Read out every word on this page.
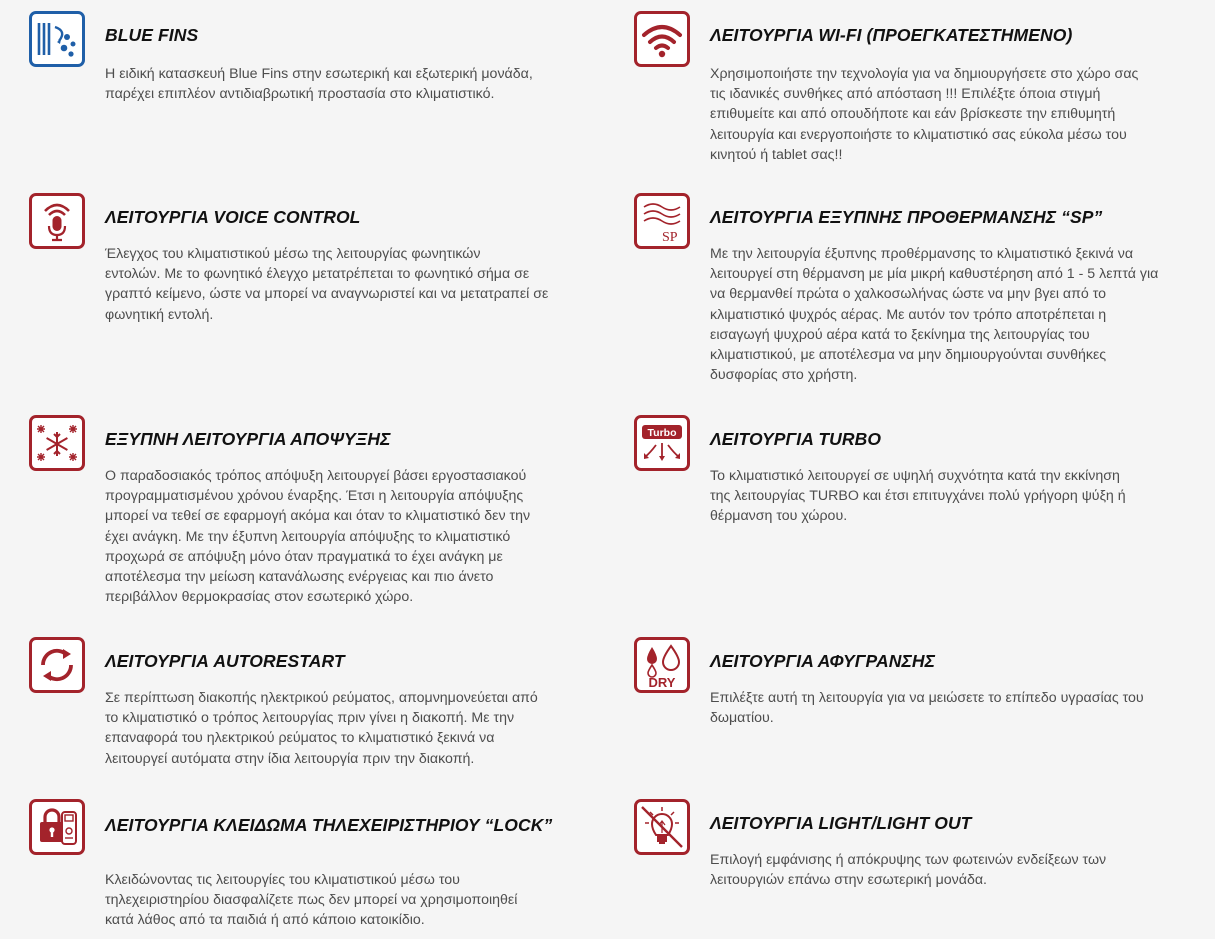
BLUE FINS
Η ειδική κατασκευή Blue Fins στην εσωτερική και εξωτερική μονάδα,
παρέχει επιπλέον αντιδιαβρωτική προστασία στο κλιματιστικό.
ΛΕΙΤΟΥΡΓΙΑ VOICE CONTROL
Έλεγχος του κλιματιστικού μέσω της λειτουργίας φωνητικών
εντολών. Με το φωνητικό έλεγχο μετατρέπεται το φωνητικό σήμα σε
γραπτό κείμενο, ώστε να μπορεί να αναγνωριστεί και να μετατραπεί σε
φωνητική εντολή.
ΕΞΥΠΝΗ ΛΕΙΤΟΥΡΓΙΑ ΑΠΟΨΥΞΗΣ
Ο παραδοσιακός τρόπος απόψυξη λειτουργεί βάσει εργοστασιακού
προγραμματισμένου χρόνου έναρξης. Έτσι η λειτουργία απόψυξης
μπορεί να τεθεί σε εφαρμογή ακόμα και όταν το κλιματιστικό δεν την
έχει ανάγκη. Με την έξυπνη λειτουργία απόψυξης το κλιματιστικό
προχωρά σε απόψυξη μόνο όταν πραγματικά το έχει ανάγκη με
αποτέλεσμα την μείωση κατανάλωσης ενέργειας και πιο άνετο
περιβάλλον θερμοκρασίας στον εσωτερικό χώρο.
ΛΕΙΤΟΥΡΓΙΑ AUTORESTART
Σε περίπτωση διακοπής ηλεκτρικού ρεύματος, απομνημονεύεται από
το κλιματιστικό ο τρόπος λειτουργίας πριν γίνει η διακοπή. Με την
επαναφορά του ηλεκτρικού ρεύματος το κλιματιστικό ξεκινά να
λειτουργεί αυτόματα στην ίδια λειτουργία πριν την διακοπή.
ΛΕΙΤΟΥΡΓΙΑ ΚΛΕΙΔΩΜΑ ΤΗΛΕΧΕΙΡΙΣΤΗΡΙΟΥ “LOCK”
Κλειδώνοντας τις λειτουργίες του κλιματιστικού μέσω του
τηλεχειριστηρίου διασφαλίζετε πως δεν μπορεί να χρησιμοποιηθεί
κατά λάθος από τα παιδιά ή από κάποιο κατοικίδιο.
ΛΕΙΤΟΥΡΓΙΑ WI-FI (ΠΡΟΕΓΚΑΤΕΣΤΗΜΕΝΟ)
Χρησιμοποιήστε την τεχνολογία για να δημιουργήσετε στο χώρο σας
τις ιδανικές συνθήκες από απόσταση !!! Επιλέξτε όποια στιγμή
επιθυμείτε και από οπουδήποτε και εάν βρίσκεστε την επιθυμητή
λειτουργία και ενεργοποιήστε το κλιματιστικό σας εύκολα μέσω του
κινητού ή tablet σας!!
SP
ΛΕΙΤΟΥΡΓΙΑ ΕΞΥΠΝΗΣ ΠΡΟΘΕΡΜΑΝΣΗΣ “SP”
Με την λειτουργία έξυπνης προθέρμανσης το κλιματιστικό ξεκινά να
λειτουργεί στη θέρμανση με μία μικρή καθυστέρηση από 1 - 5 λεπτά για
να θερμανθεί πρώτα ο χαλκοσωλήνας ώστε να μην βγει από το
κλιματιστικό ψυχρός αέρας. Με αυτόν τον τρόπο αποτρέπεται η
εισαγωγή ψυχρού αέρα κατά το ξεκίνημα της λειτουργίας του
κλιματιστικού, με αποτέλεσμα να μην δημιουργούνται συνθήκες
δυσφορίας στο χρήστη.
Turbo ΛΕΙΤΟΥΡΓΙΑ TURBO
Το κλιματιστικό λειτουργεί σε υψηλή συχνότητα κατά την εκκίνηση
της λειτουργίας TURBO και έτσι επιτυγχάνει πολύ γρήγορη ψύξη ή
θέρμανση του χώρου.
DRY
ΛΕΙΤΟΥΡΓΙΑ ΑΦΥΓΡΑΝΣΗΣ
Επιλέξτε αυτή τη λειτουργία για να μειώσετε το επίπεδο υγρασίας του
δωματίου.
ΛΕΙΤΟΥΡΓΙΑ LIGHT/LIGHT OUT
Επιλογή εμφάνισης ή απόκρυψης των φωτεινών ενδείξεων των
λειτουργιών επάνω στην εσωτερική μονάδα.
